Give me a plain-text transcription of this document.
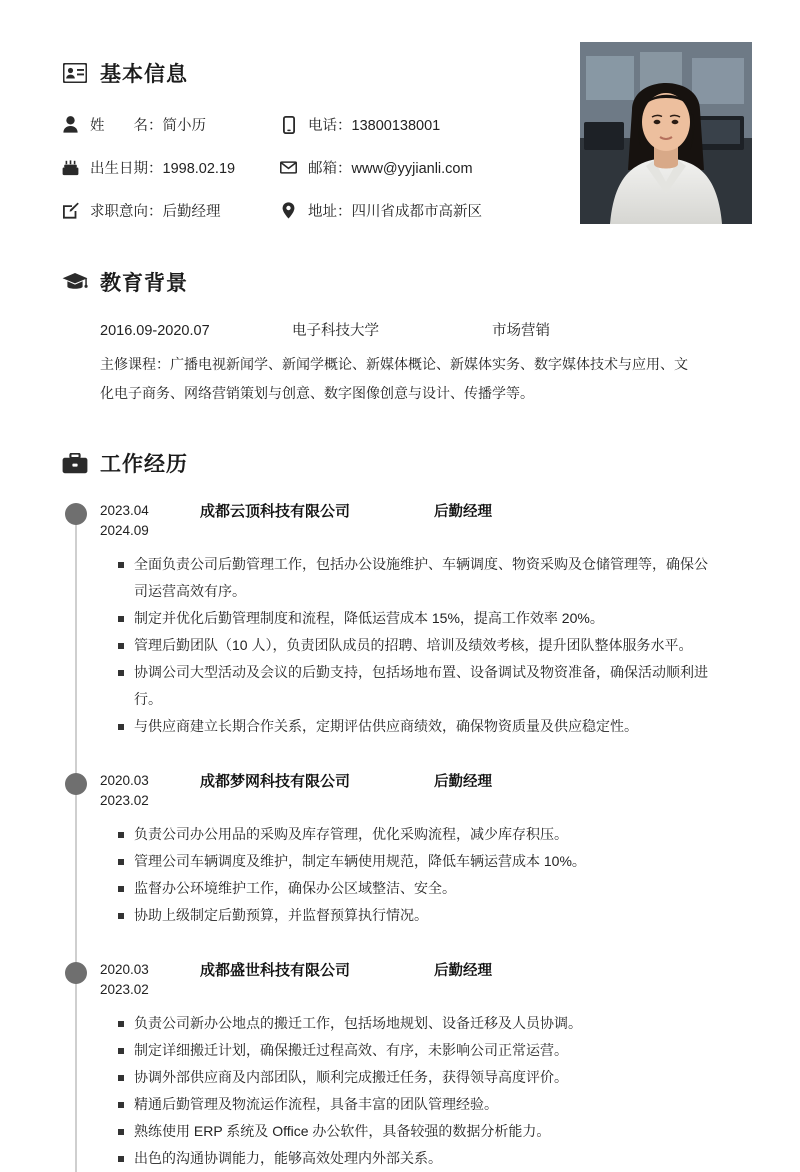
基本信息
姓　　名：简小历	电话：13800138001
出生日期：1998.02.19	邮箱：www@yyjianli.com
求职意向：后勤经理	地址：四川省成都市高新区
教育背景
2016.09-2020.07	电子科技大学	市场营销
主修课程：广播电视新闻学、新闻学概论、新媒体概论、新媒体实务、数字媒体技术与应用、文化电子商务、网络营销策划与创意、数字图像创意与设计、传播学等。
工作经历
2023.04
2024.09
成都云顶科技有限公司	后勤经理
全面负责公司后勤管理工作，包括办公设施维护、车辆调度、物资采购及仓储管理等，确保公司运营高效有序。
制定并优化后勤管理制度和流程，降低运营成本 15%，提高工作效率 20%。
管理后勤团队（10 人），负责团队成员的招聘、培训及绩效考核，提升团队整体服务水平。
协调公司大型活动及会议的后勤支持，包括场地布置、设备调试及物资准备，确保活动顺利进行。
与供应商建立长期合作关系，定期评估供应商绩效，确保物资质量及供应稳定性。
2020.03
2023.02
成都梦网科技有限公司	后勤经理
负责公司办公用品的采购及库存管理，优化采购流程，减少库存积压。
管理公司车辆调度及维护，制定车辆使用规范，降低车辆运营成本 10%。
监督办公环境维护工作，确保办公区域整洁、安全。
协助上级制定后勤预算，并监督预算执行情况。
2020.03
2023.02
成都盛世科技有限公司	后勤经理
负责公司新办公地点的搬迁工作，包括场地规划、设备迁移及人员协调。
制定详细搬迁计划，确保搬迁过程高效、有序，未影响公司正常运营。
协调外部供应商及内部团队，顺利完成搬迁任务，获得领导高度评价。
精通后勤管理及物流运作流程，具备丰富的团队管理经验。
熟练使用 ERP 系统及 Office 办公软件，具备较强的数据分析能力。
出色的沟通协调能力，能够高效处理内外部关系。
